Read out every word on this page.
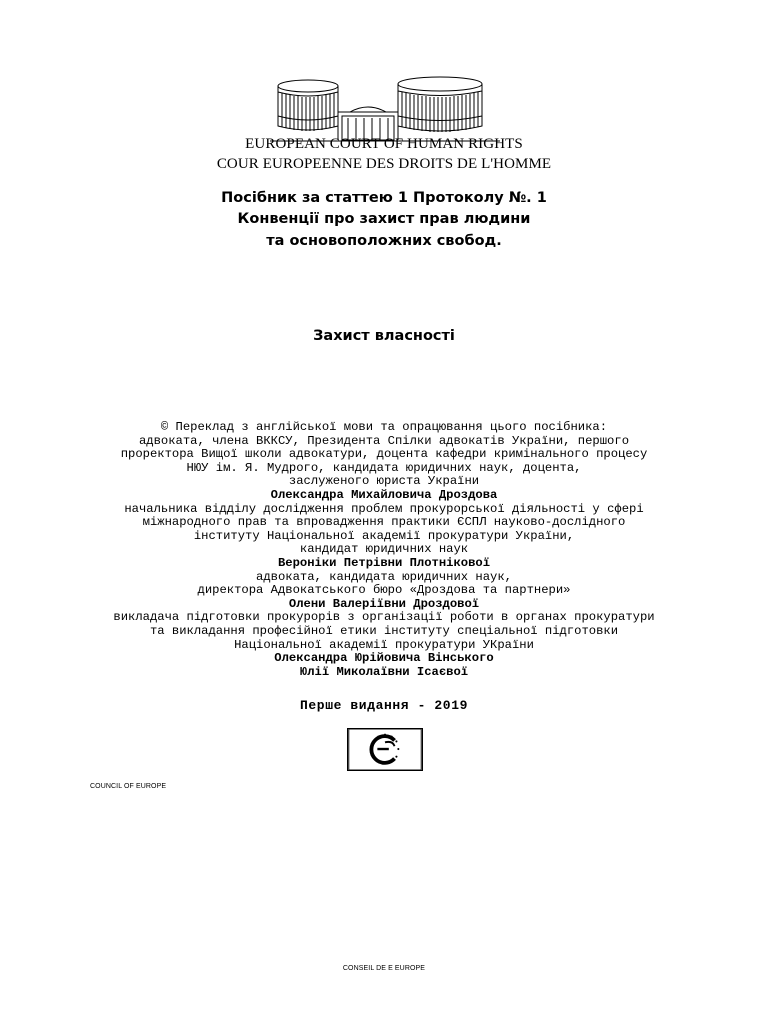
EUROPEAN COURT OF HUMAN RIGHTS
COUR EUROPEENNE DES DROITS DE L'HOMME
Посібник за статтею 1 Протоколу №. 1
Конвенції про захист прав людини
та основоположних свобод.
Захист власності
© Переклад з англійської мови та опрацювання цього посібника:
адвоката, члена ВККСУ, Президента Спілки адвокатів України, першого
проректора Вищої школи адвокатури, доцента кафедри кримінального процесу
НЮУ ім. Я. Мудрого, кандидата юридичних наук, доцента,
заслуженого юриста України
Олександра Михайловича Дроздова
начальника відділу дослідження проблем прокурорської діяльності у сфері
міжнародного прав та впровадження практики ЄСПЛ науково-дослідного
інституту Національної академії прокуратури України,
кандидат юридичних наук
Вероніки Петрівни Плотнікової
адвоката, кандидата юридичних наук,
директора Адвокатського бюро «Дроздова та партнери»
Олени Валеріївни Дроздової
викладача підготовки прокурорів з організації роботи в органах прокуратури
та викладання професійної етики інституту спеціальної підготовки
Національної академії прокуратури УКраїни
Олександра Юрійовича Вінського
Юлії Миколаївни Ісаєвої
Перше видання - 2019
COUNCIL OF EUROPE
CONSEIL DE E EUROPE
